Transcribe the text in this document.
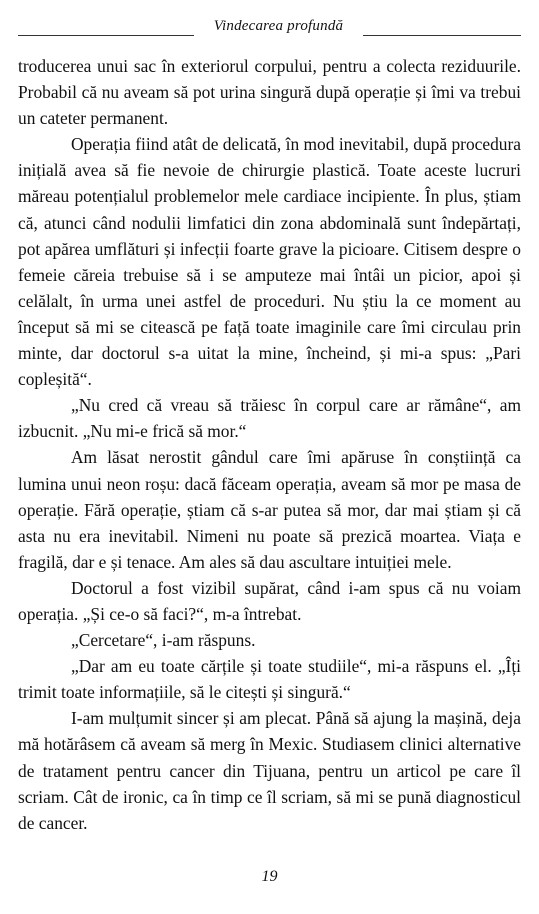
Vindecarea profundă

troducerea unui sac în exteriorul corpului, pentru a colecta reziduurile. Probabil că nu aveam să pot urina singură după operație și îmi va trebui un cateter permanent.

Operația fiind atât de delicată, în mod inevitabil, după procedura inițială avea să fie nevoie de chirurgie plastică. Toate aceste lucruri măreau potențialul problemelor mele cardiace incipiente. În plus, știam că, atunci când nodulii limfatici din zona abdominală sunt îndepărtați, pot apărea umflături și infecții foarte grave la picioare. Citisem despre o femeie căreia trebuise să i se amputeze mai întâi un picior, apoi și celălalt, în urma unei astfel de proceduri. Nu știu la ce moment au început să mi se citească pe față toate imaginile care îmi circulau prin minte, dar doctorul s-a uitat la mine, încheind, și mi-a spus: „Pari copleșită“.

„Nu cred că vreau să trăiesc în corpul care ar rămâne“, am izbucnit. „Nu mi-e frică să mor.“

Am lăsat nerostit gândul care îmi apăruse în conștiință ca lumina unui neon roșu: dacă făceam operația, aveam să mor pe masa de operație. Fără operație, știam că s-ar putea să mor, dar mai știam și că asta nu era inevitabil. Nimeni nu poate să prezică moartea. Viața e fragilă, dar e și tenace. Am ales să dau ascultare intuiției mele.

Doctorul a fost vizibil supărat, când i-am spus că nu voiam operația. „Și ce-o să faci?“, m-a întrebat.

„Cercetare“, i-am răspuns.

„Dar am eu toate cărțile și toate studiile“, mi-a răspuns el. „Îți trimit toate informațiile, să le citești și singură.“

I-am mulțumit sincer și am plecat. Până să ajung la mașină, deja mă hotărâsem că aveam să merg în Mexic. Studiasem clinici alternative de tratament pentru cancer din Tijuana, pentru un articol pe care îl scriam. Cât de ironic, ca în timp ce îl scriam, să mi se pună diagnosticul de cancer.

19
